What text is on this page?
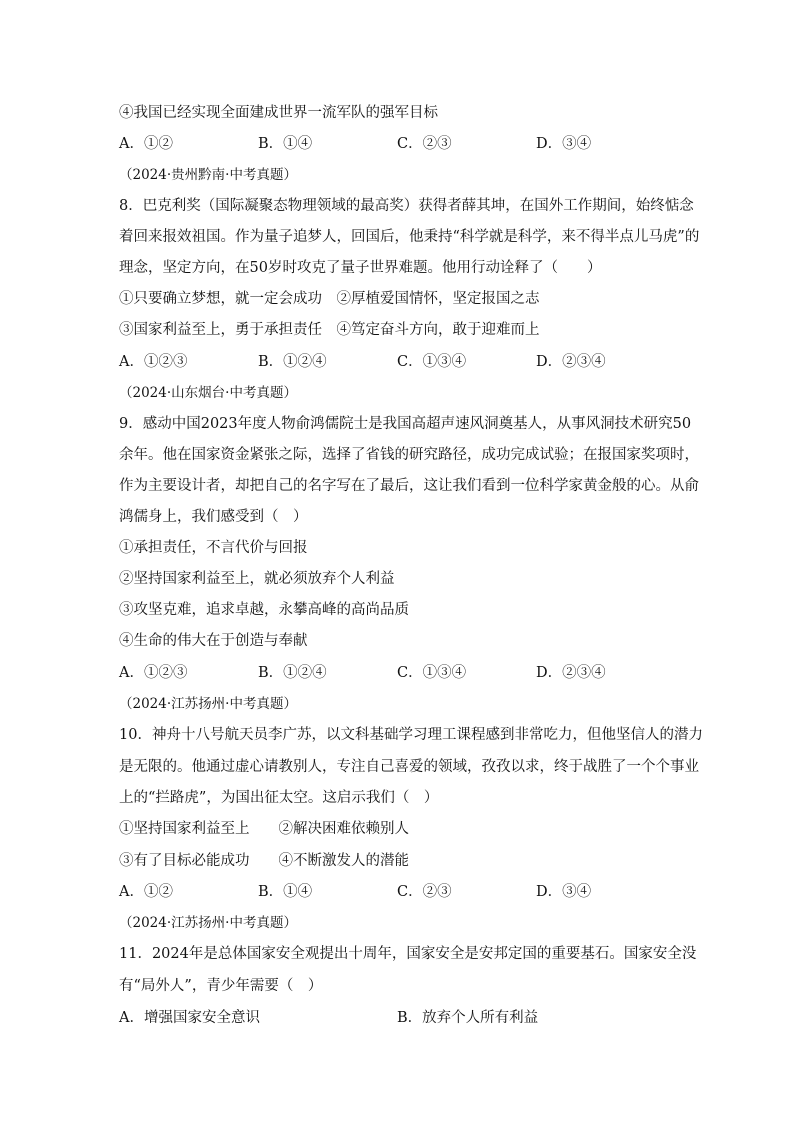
④我国已经实现全面建成世界一流军队的强军目标
A．①②	B．①④	C．②③	D．③④
（2024·贵州黔南·中考真题）
8．巴克利奖（国际凝聚态物理领域的最高奖）获得者薛其坤，在国外工作期间，始终惦念
着回来报效祖国。作为量子追梦人，回国后，他秉持“科学就是科学，来不得半点儿马虎”的
理念，坚定方向，在50岁时攻克了量子世界难题。他用行动诠释了（　　）
①只要确立梦想，就一定会成功　②厚植爱国情怀，坚定报国之志
③国家利益至上，勇于承担责任　④笃定奋斗方向，敢于迎难而上
A．①②③	B．①②④	C．①③④	D．②③④
（2024·山东烟台·中考真题）
9．感动中国2023年度人物俞鸿儒院士是我国高超声速风洞奠基人，从事风洞技术研究50
余年。他在国家资金紧张之际，选择了省钱的研究路径，成功完成试验；在报国家奖项时，
作为主要设计者，却把自己的名字写在了最后，这让我们看到一位科学家黄金般的心。从俞
鸿儒身上，我们感受到（　）
①承担责任，不言代价与回报
②坚持国家利益至上，就必须放弃个人利益
③攻坚克难，追求卓越，永攀高峰的高尚品质
④生命的伟大在于创造与奉献
A．①②③	B．①②④	C．①③④	D．②③④
（2024·江苏扬州·中考真题）
10．神舟十八号航天员李广苏，以文科基础学习理工课程感到非常吃力，但他坚信人的潜力
是无限的。他通过虚心请教别人，专注自己喜爱的领域，孜孜以求，终于战胜了一个个事业
上的“拦路虎”，为国出征太空。这启示我们（　）
①坚持国家利益至上　　②解决困难依赖别人
③有了目标必能成功　　④不断激发人的潜能
A．①②	B．①④	C．②③	D．③④
（2024·江苏扬州·中考真题）
11．2024年是总体国家安全观提出十周年，国家安全是安邦定国的重要基石。国家安全没
有“局外人”，青少年需要（　）
A．增强国家安全意识	B．放弃个人所有利益
